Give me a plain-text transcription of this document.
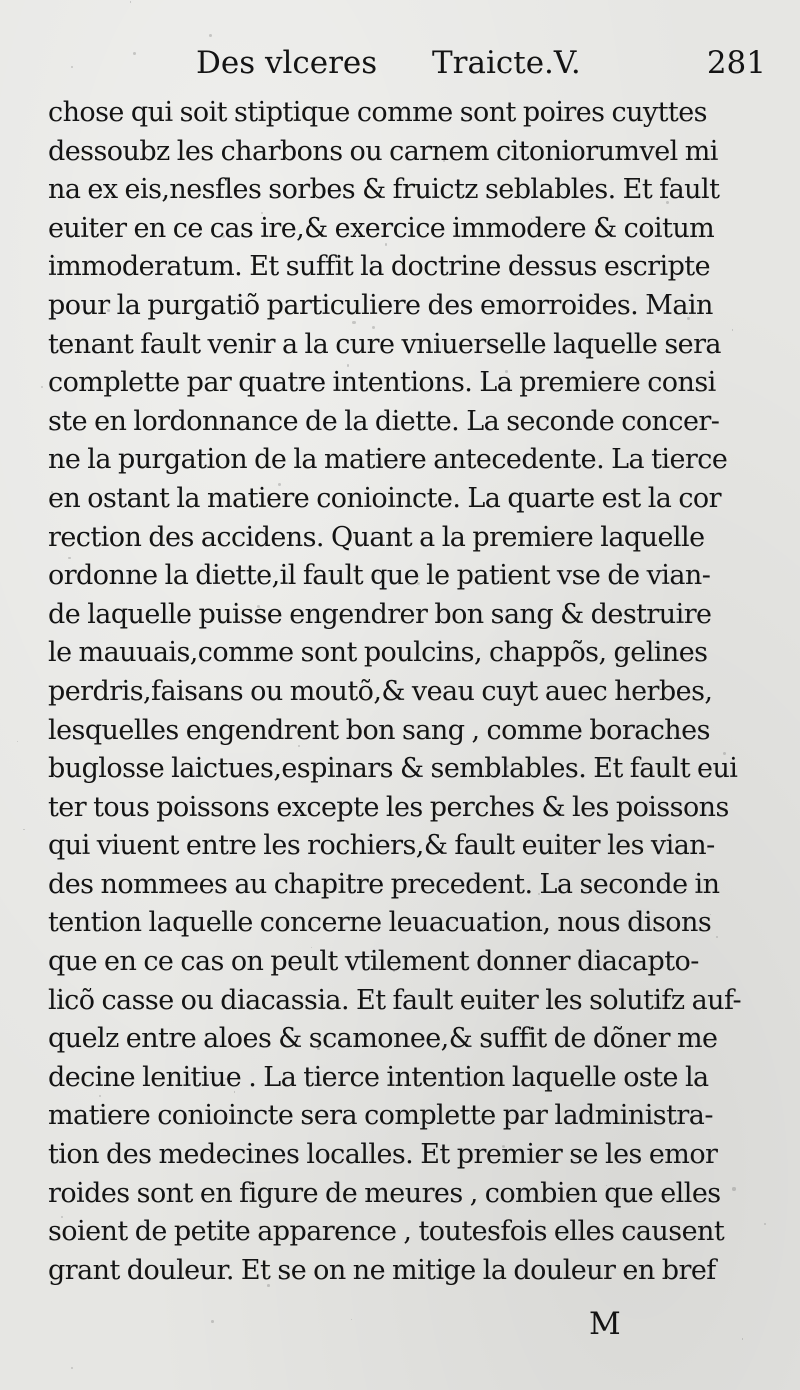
Des vlceres Traicte.V.	281
chose qui soit stiptique comme sont poires cuyttes
dessoubz les charbons ou carnem citoniorumvel mi
na ex eis,nesfles sorbes & fruictz seblables. Et fault
euiter en ce cas ire,& exercice immodere & coitum
immoderatum. Et suffit la doctrine dessus escripte
pour la purgatiõ particuliere des emorroides. Main
tenant fault venir a la cure vniuerselle laquelle sera
complette par quatre intentions. La premiere consi
ste en lordonnance de la diette. La seconde concer-
ne la purgation de la matiere antecedente. La tierce
en ostant la matiere conioincte. La quarte est la cor
rection des accidens. Quant a la premiere laquelle
ordonne la diette,il fault que le patient vse de vian-
de laquelle puisse engendrer bon sang & destruire
le mauuais,comme sont poulcins, chappõs, gelines
perdris,faisans ou moutõ,& veau cuyt auec herbes,
lesquelles engendrent bon sang , comme boraches
buglosse laictues,espinars & semblables. Et fault eui
ter tous poissons excepte les perches & les poissons
qui viuent entre les rochiers,& fault euiter les vian-
des nommees au chapitre precedent. La seconde in
tention laquelle concerne leuacuation, nous disons
que en ce cas on peult vtilement donner diacapto-
licõ casse ou diacassia. Et fault euiter les solutifz auf-
quelz entre aloes & scamonee,& suffit de dõner me
decine lenitiue . La tierce intention laquelle oste la
matiere conioincte sera complette par ladministra-
tion des medecines localles. Et premier se les emor
roides sont en figure de meures , combien que elles
soient de petite apparence , toutesfois elles causent
grant douleur. Et se on ne mitige la douleur en bref
M
